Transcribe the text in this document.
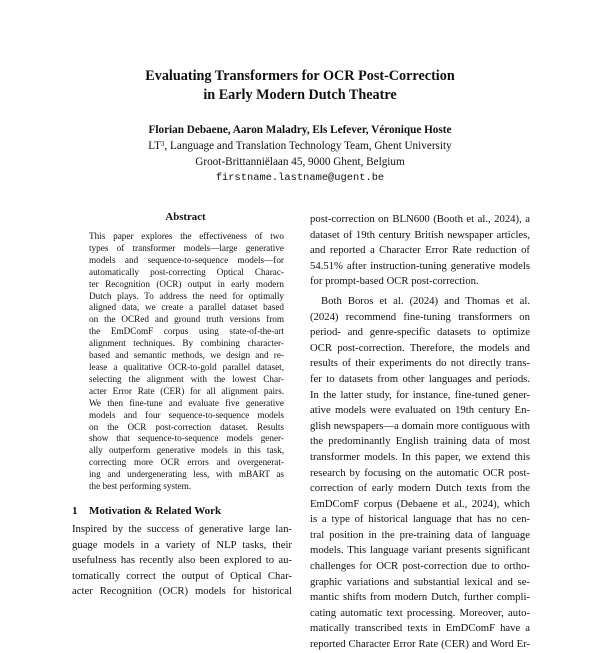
Evaluating Transformers for OCR Post-Correction
in Early Modern Dutch Theatre
Florian Debaene, Aaron Maladry, Els Lefever, Véronique Hoste
$LT^3$, Language and Translation Technology Team, Ghent University
Groot-Brittanniëlaan 45, 9000 Ghent, Belgium
firstname.lastname@ugent.be
Abstract
This paper explores the effectiveness of two
types of transformer models—large generative
models and sequence-to-sequence models—for
automatically post-correcting Optical Charac-
ter Recognition (OCR) output in early modern
Dutch plays. To address the need for optimally
aligned data, we create a parallel dataset based
on the OCRed and ground truth versions from
the EmDComF corpus using state-of-the-art
alignment techniques. By combining character-
based and semantic methods, we design and re-
lease a qualitative OCR-to-gold parallel dataset,
selecting the alignment with the lowest Char-
acter Error Rate (CER) for all alignment pairs.
We then fine-tune and evaluate five generative
models and four sequence-to-sequence models
on the OCR post-correction dataset. Results
show that sequence-to-sequence models gener-
ally outperform generative models in this task,
correcting more OCR errors and overgenerat-
ing and undergenerating less, with mBART as
the best performing system.
1 Motivation & Related Work
Inspired by the success of generative large lan-
guage models in a variety of NLP tasks, their
usefulness has recently also been explored to au-
tomatically correct the output of Optical Char-
acter Recognition (OCR) models for historical
post-correction on BLN600 (Booth et al., 2024), a
dataset of 19th century British newspaper articles,
and reported a Character Error Rate reduction of
54.51% after instruction-tuning generative models
for prompt-based OCR post-correction.
Both Boros et al. (2024) and Thomas et al.
(2024) recommend fine-tuning transformers on
period- and genre-specific datasets to optimize
OCR post-correction. Therefore, the models and
results of their experiments do not directly trans-
fer to datasets from other languages and periods.
In the latter study, for instance, fine-tuned gener-
ative models were evaluated on 19th century En-
glish newspapers—a domain more contiguous with
the predominantly English training data of most
transformer models. In this paper, we extend this
research by focusing on the automatic OCR post-
correction of early modern Dutch texts from the
EmDComF corpus (Debaene et al., 2024), which
is a type of historical language that has no cen-
tral position in the pre-training data of language
models. This language variant presents significant
challenges for OCR post-correction due to ortho-
graphic variations and substantial lexical and se-
mantic shifts from modern Dutch, further compli-
cating automatic text processing. Moreover, auto-
matically transcribed texts in EmDComF have a
reported Character Error Rate (CER) and Word Er-
